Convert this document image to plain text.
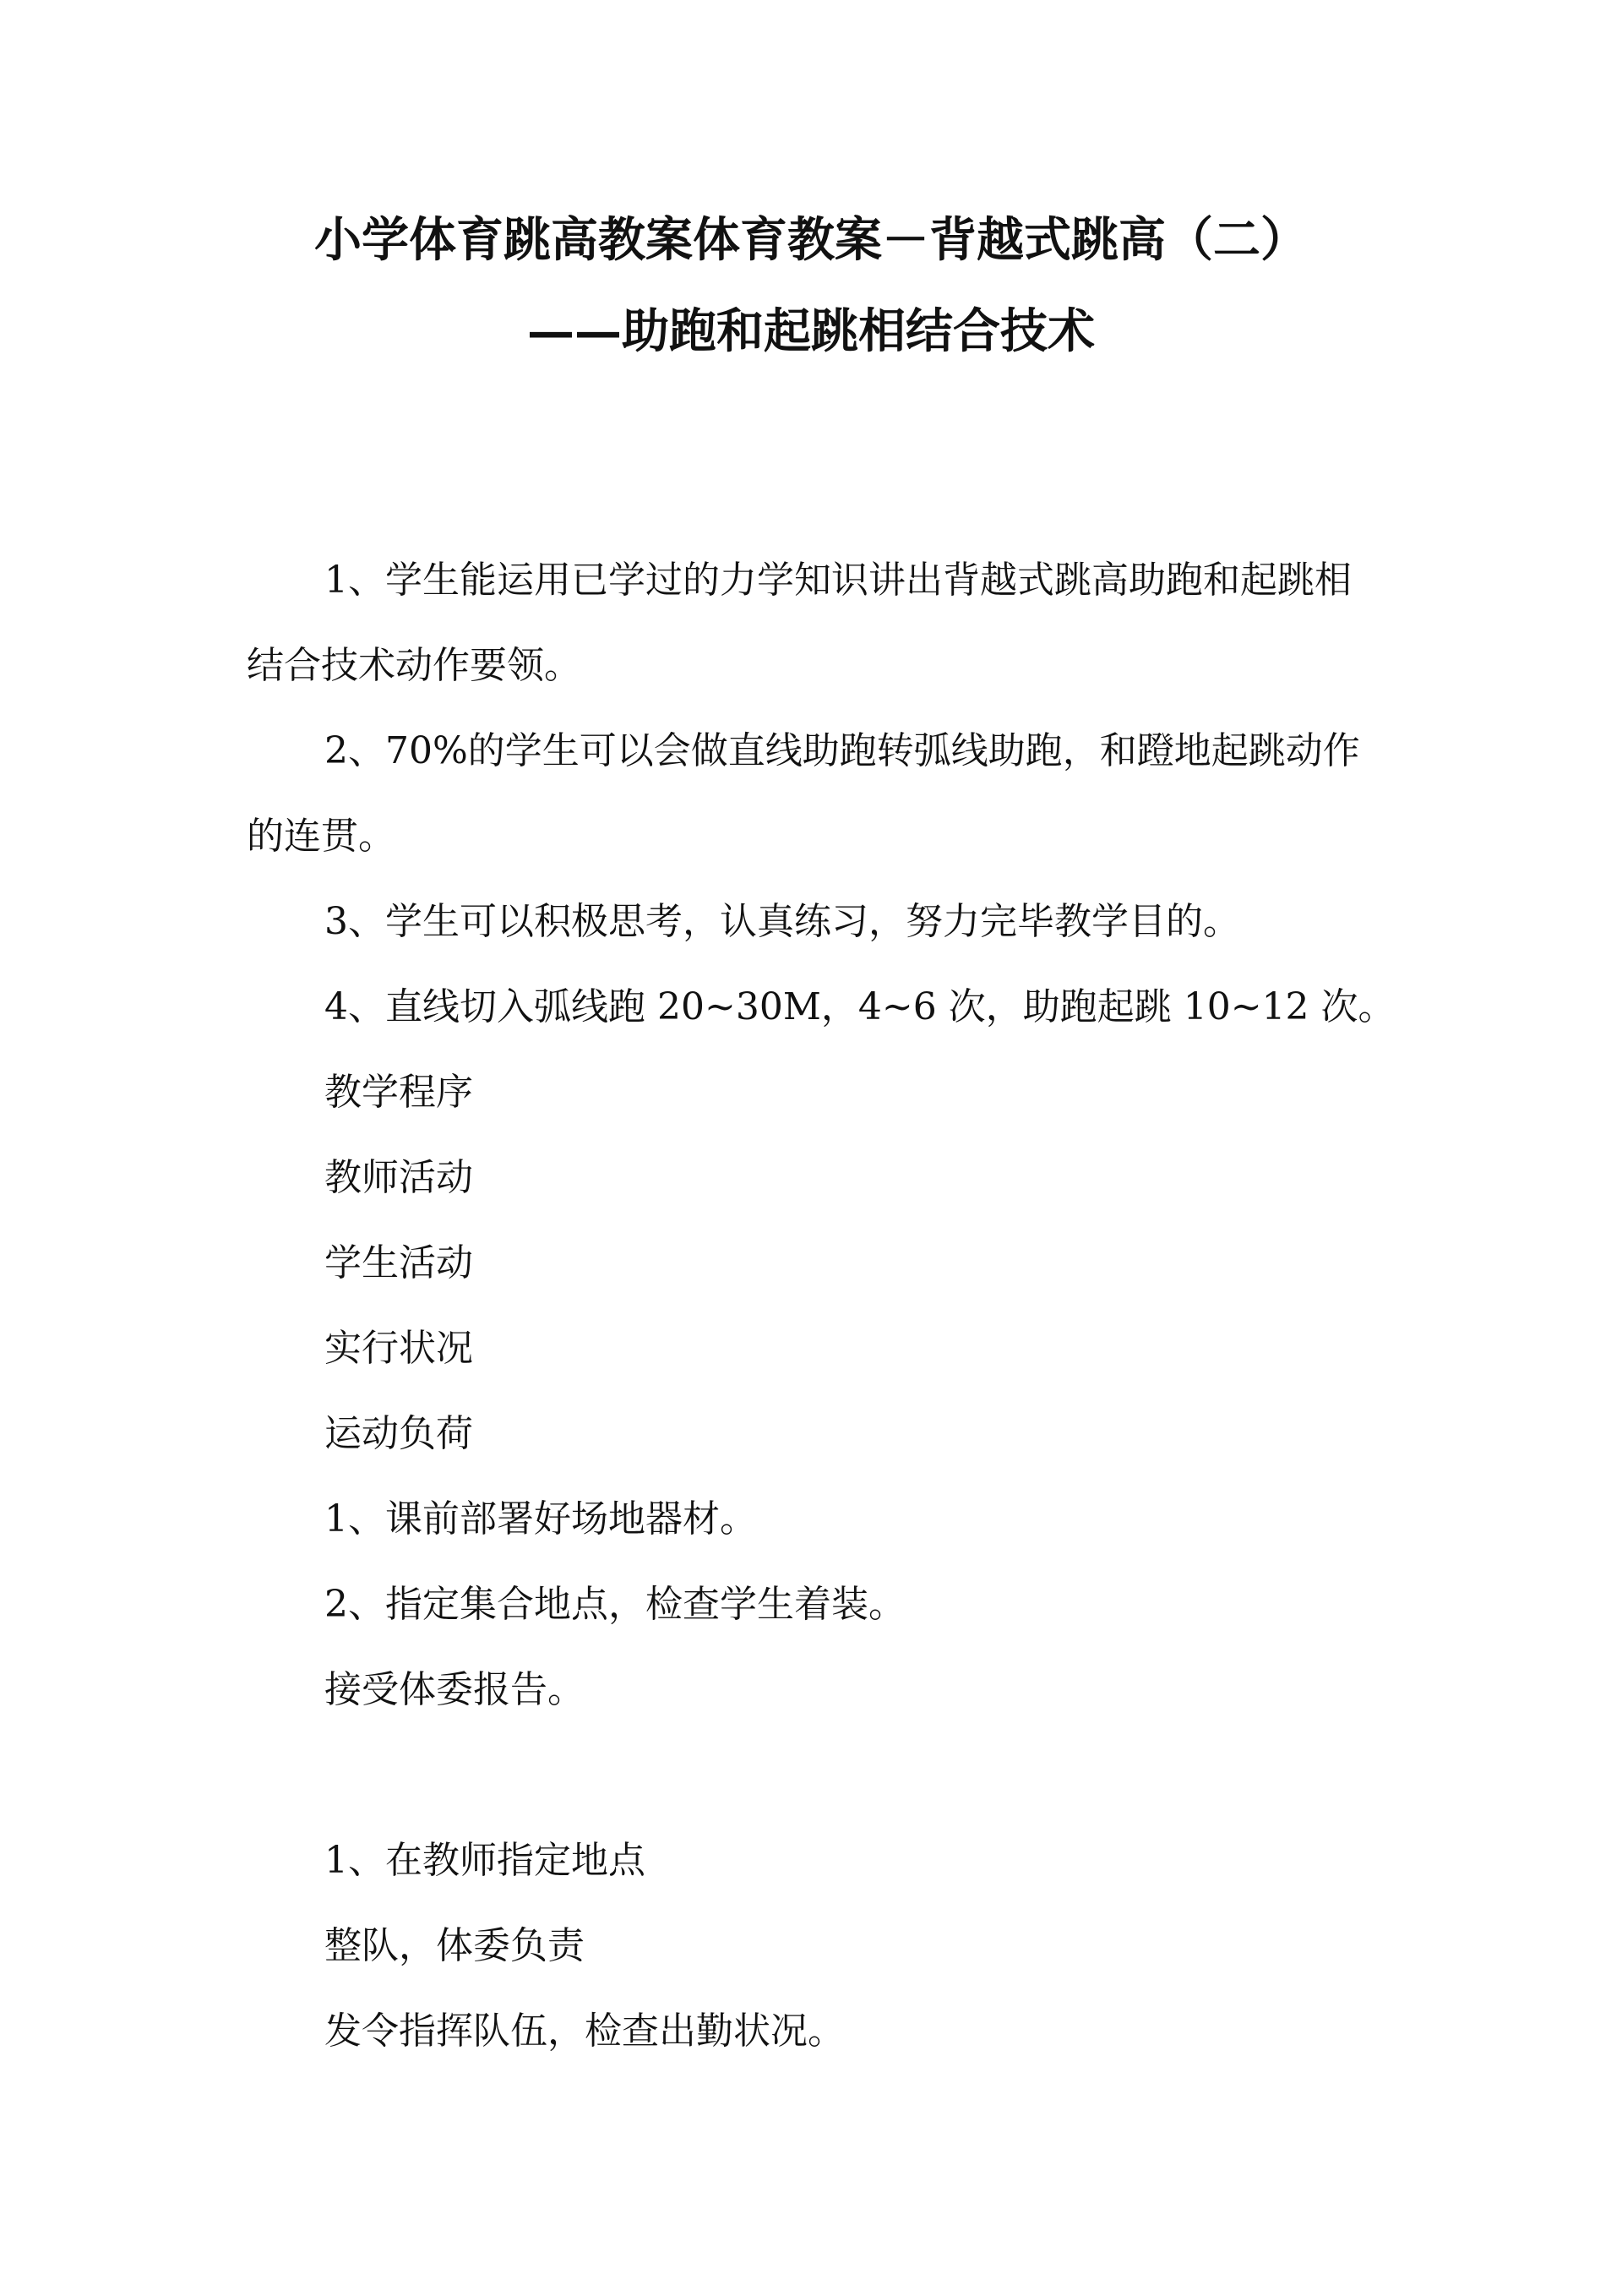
小学体育跳高教案体育教案－背越式跳高（二）
——助跑和起跳相结合技术

1、学生能运用已学过的力学知识讲出背越式跳高助跑和起跳相结合技术动作要领。

2、70%的学生可以会做直线助跑转弧线助跑，和蹬地起跳动作的连贯。

3、学生可以积极思考，认真练习，努力完毕教学目的。

4、直线切入弧线跑 20~30M，4~6 次，助跑起跳 10~12 次。

教学程序

教师活动

学生活动

实行状况

运动负荷

1、课前部署好场地器材。

2、指定集合地点，检查学生着装。

接受体委报告。

1、在教师指定地点

整队，体委负责

发令指挥队伍，检查出勤状况。
